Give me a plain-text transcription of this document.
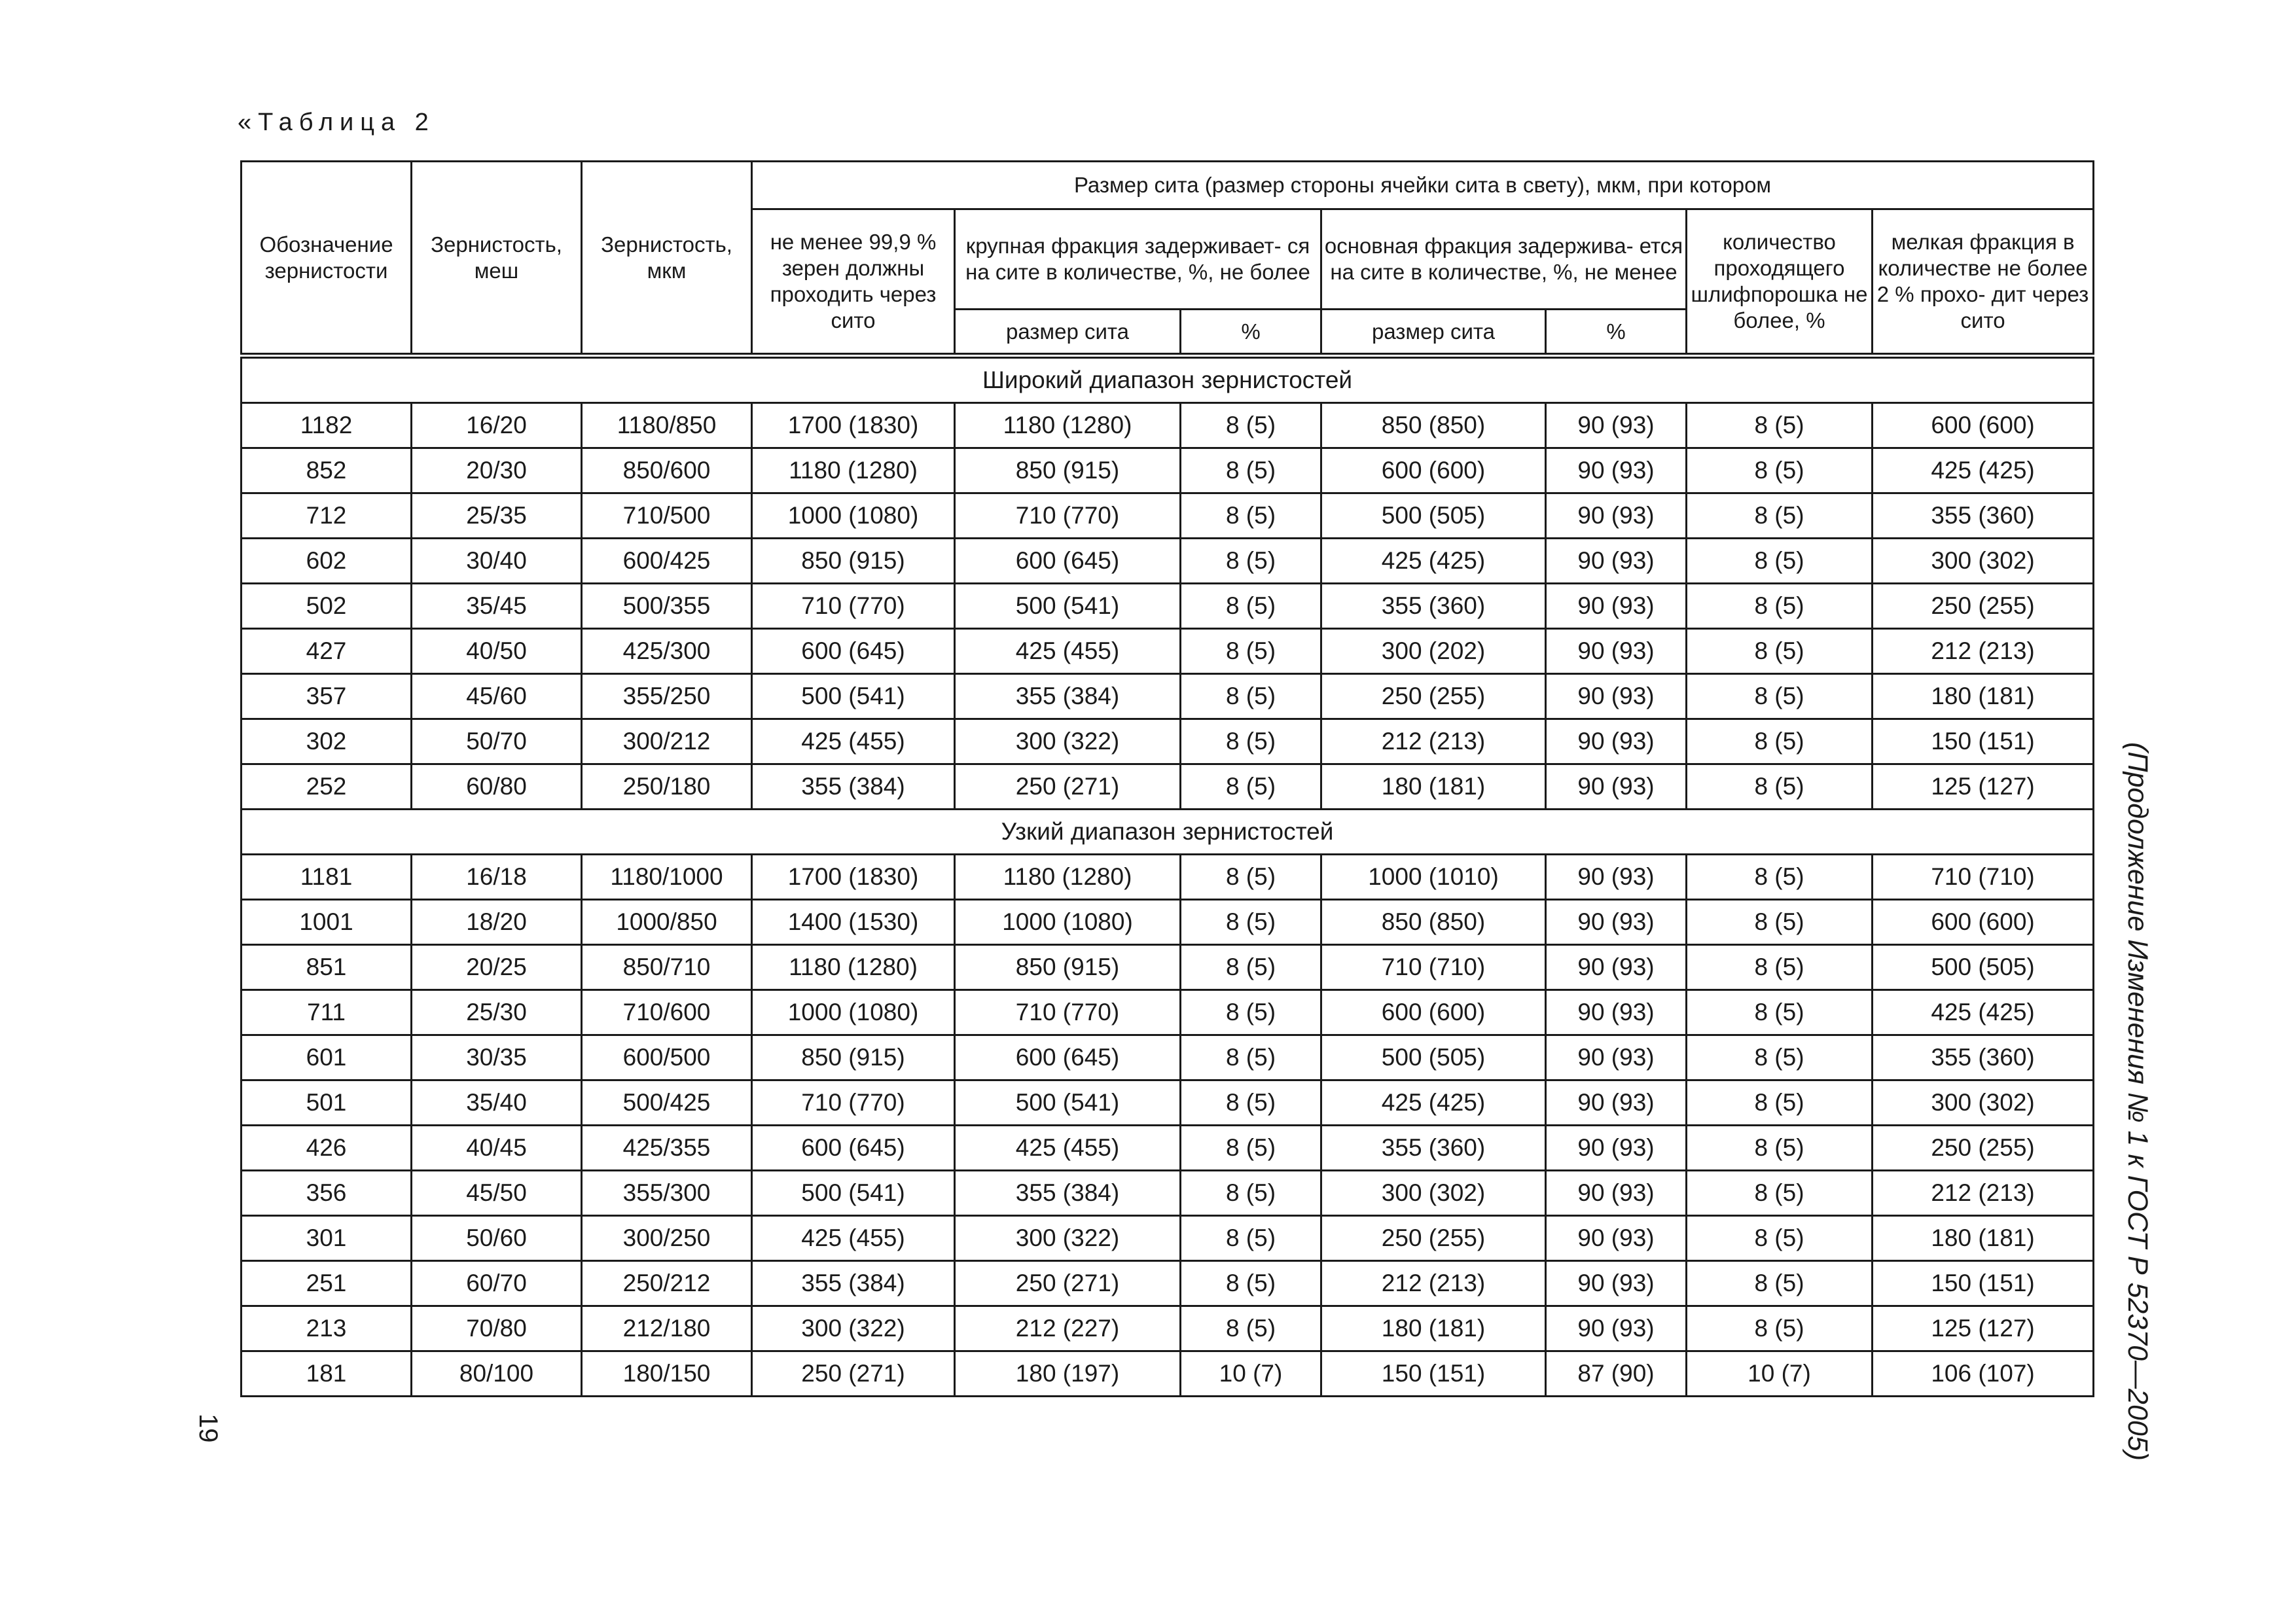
«Таблица 2
Обозначение зернистости	Зернистость, меш	Зернистость, мкм	Размер сита (размер стороны ячейки сита в свету), мкм, при котором						
			не менее 99,9 % зерен должны проходить через сито	крупная фракция задерживает- ся на сите в количестве, %, не более		основная фракция задержива- ется на сите в количестве, %, не менее		количество проходящего шлифпорошка не более, %	мелкая фракция в количестве не более 2 % прохо- дит через сито
				размер сита	%	размер сита	%		
Широкий диапазон зернистостей									
1182	16/20	1180/850	1700 (1830)	1180 (1280)	8 (5)	850 (850)	90 (93)	8 (5)	600 (600)
852	20/30	850/600	1180 (1280)	850 (915)	8 (5)	600 (600)	90 (93)	8 (5)	425 (425)
712	25/35	710/500	1000 (1080)	710 (770)	8 (5)	500 (505)	90 (93)	8 (5)	355 (360)
602	30/40	600/425	850 (915)	600 (645)	8 (5)	425 (425)	90 (93)	8 (5)	300 (302)
502	35/45	500/355	710 (770)	500 (541)	8 (5)	355 (360)	90 (93)	8 (5)	250 (255)
427	40/50	425/300	600 (645)	425 (455)	8 (5)	300 (202)	90 (93)	8 (5)	212 (213)
357	45/60	355/250	500 (541)	355 (384)	8 (5)	250 (255)	90 (93)	8 (5)	180 (181)
302	50/70	300/212	425 (455)	300 (322)	8 (5)	212 (213)	90 (93)	8 (5)	150 (151)
252	60/80	250/180	355 (384)	250 (271)	8 (5)	180 (181)	90 (93)	8 (5)	125 (127)
Узкий диапазон зернистостей									
1181	16/18	1180/1000	1700 (1830)	1180 (1280)	8 (5)	1000 (1010)	90 (93)	8 (5)	710 (710)
1001	18/20	1000/850	1400 (1530)	1000 (1080)	8 (5)	850 (850)	90 (93)	8 (5)	600 (600)
851	20/25	850/710	1180 (1280)	850 (915)	8 (5)	710 (710)	90 (93)	8 (5)	500 (505)
711	25/30	710/600	1000 (1080)	710 (770)	8 (5)	600 (600)	90 (93)	8 (5)	425 (425)
601	30/35	600/500	850 (915)	600 (645)	8 (5)	500 (505)	90 (93)	8 (5)	355 (360)
501	35/40	500/425	710 (770)	500 (541)	8 (5)	425 (425)	90 (93)	8 (5)	300 (302)
426	40/45	425/355	600 (645)	425 (455)	8 (5)	355 (360)	90 (93)	8 (5)	250 (255)
356	45/50	355/300	500 (541)	355 (384)	8 (5)	300 (302)	90 (93)	8 (5)	212 (213)
301	50/60	300/250	425 (455)	300 (322)	8 (5)	250 (255)	90 (93)	8 (5)	180 (181)
251	60/70	250/212	355 (384)	250 (271)	8 (5)	212 (213)	90 (93)	8 (5)	150 (151)
213	70/80	212/180	300 (322)	212 (227)	8 (5)	180 (181)	90 (93)	8 (5)	125 (127)
181	80/100	180/150	250 (271)	180 (197)	10 (7)	150 (151)	87 (90)	10 (7)	106 (107)	(Продолжение Изменения № 1 к ГОСТ Р 52370—2005)
19
